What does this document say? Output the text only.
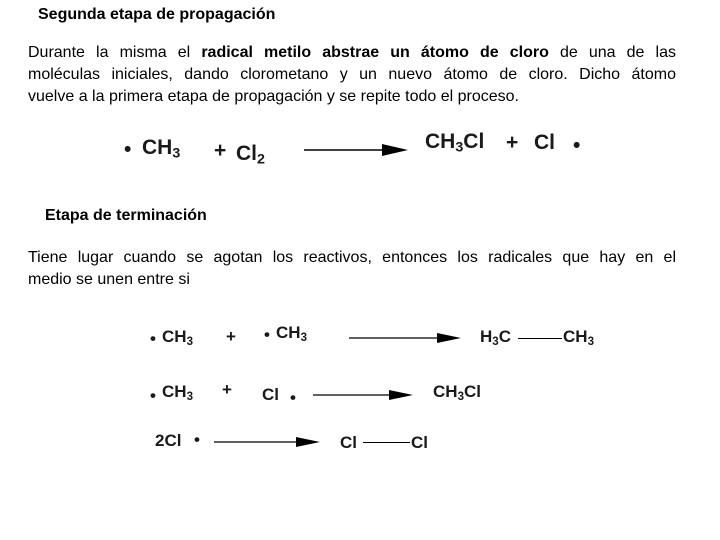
Segunda etapa de propagación
Durante la misma el radical metilo abstrae un átomo de cloro de una de las
moléculas iniciales, dando clorometano y un nuevo átomo de cloro. Dicho átomo
vuelve a la primera etapa de propagación y se repite todo el proceso.
• $CH_3 + Cl_2$
$CH_3Cl + Cl$ •
Etapa de terminación
Tiene lugar cuando se agotan los reactivos, entonces los radicales que hay en el
medio se unen entre si
• $CH_3$ + • $CH_3$	$H_3C$	$CH_3$
• $CH_3 + Cl$ •	$CH_3Cl$
2Cl •	Cl	Cl
